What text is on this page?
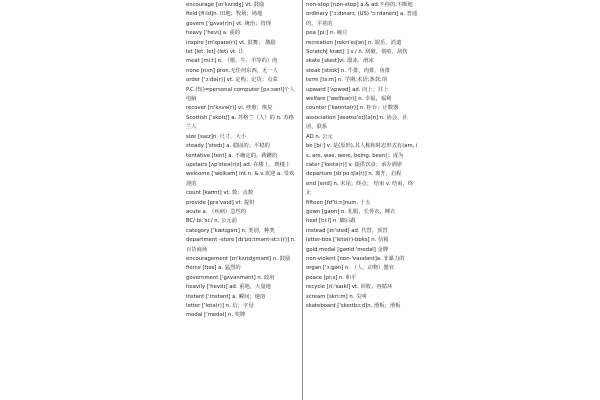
encourage [ɪn'kʌrɪdʒ] vt. 鼓励
field [fi:ld]n. 田地；牧场；场地
govern ['ɡʌvə(r)n] vt. 统治；管理
heavy ['hevɪ] a. 重的
inspire [ɪn'spaɪə(r)] vt. 鼓舞； 激励
let [let, let] (let) vt. 让
meat [mi:t] n. （猪、牛、羊等的）肉
none [nʌn] pron.无任何东西，无一人
order ['ɔ:də(r)] vt. 定购；定货；点菜
P.C.(短)=personal computer [pɜ:sənl]个人电脑
recover [rɪ'kʌvə(r)] vi. 痊愈；恢复
Scottish ['skɒtɪʃ] a. 苏格兰（人）的 n. 苏格兰人
size [saɪz]n. 尺寸，大小
steady ['stedɪ] a. 稳固的；平稳的
tentative [tent] a. 不确定的，踌躇的
upstairs [ʌp'steə(r)z] ad. 在楼上，到楼上
welcome ['welkəm] int.n. & v.欢迎 a. 受欢迎的
count [kaʊnt] vt. 数；点数
provide [prə'vaɪd] vt. 提供
acute a. （疾病）急性的
BC/ bi:'si:/ n. 公元前
category ['kætɪɡərɪ] n. 类别，种类
department -store [dɪ'pɑ:tmənt-stɔ:(r)] n. 百货商场
encouragement [ɪn'kʌrɪdʒmənt] n. 鼓励
fierce [fɪəs] a. 猛烈的
government ['ɡʌvənmənt] n. 政府
heavily ['hevɪlɪ] ad. 重地，大量地
instant ['ɪnstənt] a. 瞬间；速溶
letter ['letə(r)] n. 信；字母
medal ['medəl] n. 奖牌
non-stop [nɒn-stɒp] a.& ad.不停的,不断地
ordinary ['ɔ:dɪnərɪ; (US) 'ɔ:rdənerɪ] a. 普通的，平常的
pea [pi:] n. 豌豆
recreation [rekrɪ'eɪʃən] n. 娱乐，消遣
Scratch[ kræt∫ ] v./ n. 刮破，划痕，刮伤
skate [skeɪt]vi. 溜冰，滑冰
steak [steɪk] n. 牛排，肉排，鱼排
term [tɜ:m] n. 学期;术语;条款;项
upward ['ʌpwəd] ad. 向上；往上
welfare ['welfeə(r)] n. 幸福，福利
counter ['kaʊntə(r)] n. 柜台；计数器
association [əsəʊsɪ'eɪʃ(ə)n] n. 协会，社团，联系
AD n. 公元
be [bi:] v. 是(原形),其人称和时态形式有(am, is, are, was, were, being, been)；成为
cater ['keɪtə(r)] v. 提供饮食；承办酒席
departure [dɪ'pɑ:tʃə(r)] n. 离开，启程
end [end] n. 末尾；终点； 结束 v. 结束，终止
fifteen [fɪf'ti:n]num. 十五
gown [ɡaʊn] n. 礼服，长外衣，睡衣
heel [hi:l] n. 脚后跟
instead [ɪn'sted] ad. 代替，顶替
letter-box ['letə(r)-bɒks] n. 信箱
gold medal [ɡəʊld 'medəl] 金牌
non-violent [nɒn-'vaɪələnt]a. 非暴力的
organ ['ɔ:ɡən] n. （人，动物）器官
peace [pi:s] n. 和平
recycle [ri:'saɪkl] vt. 回收；再循环
scream [skri:m] n. 尖叫
skateboard ['skeɪtbɔ:d]n. 滑板；滑板
